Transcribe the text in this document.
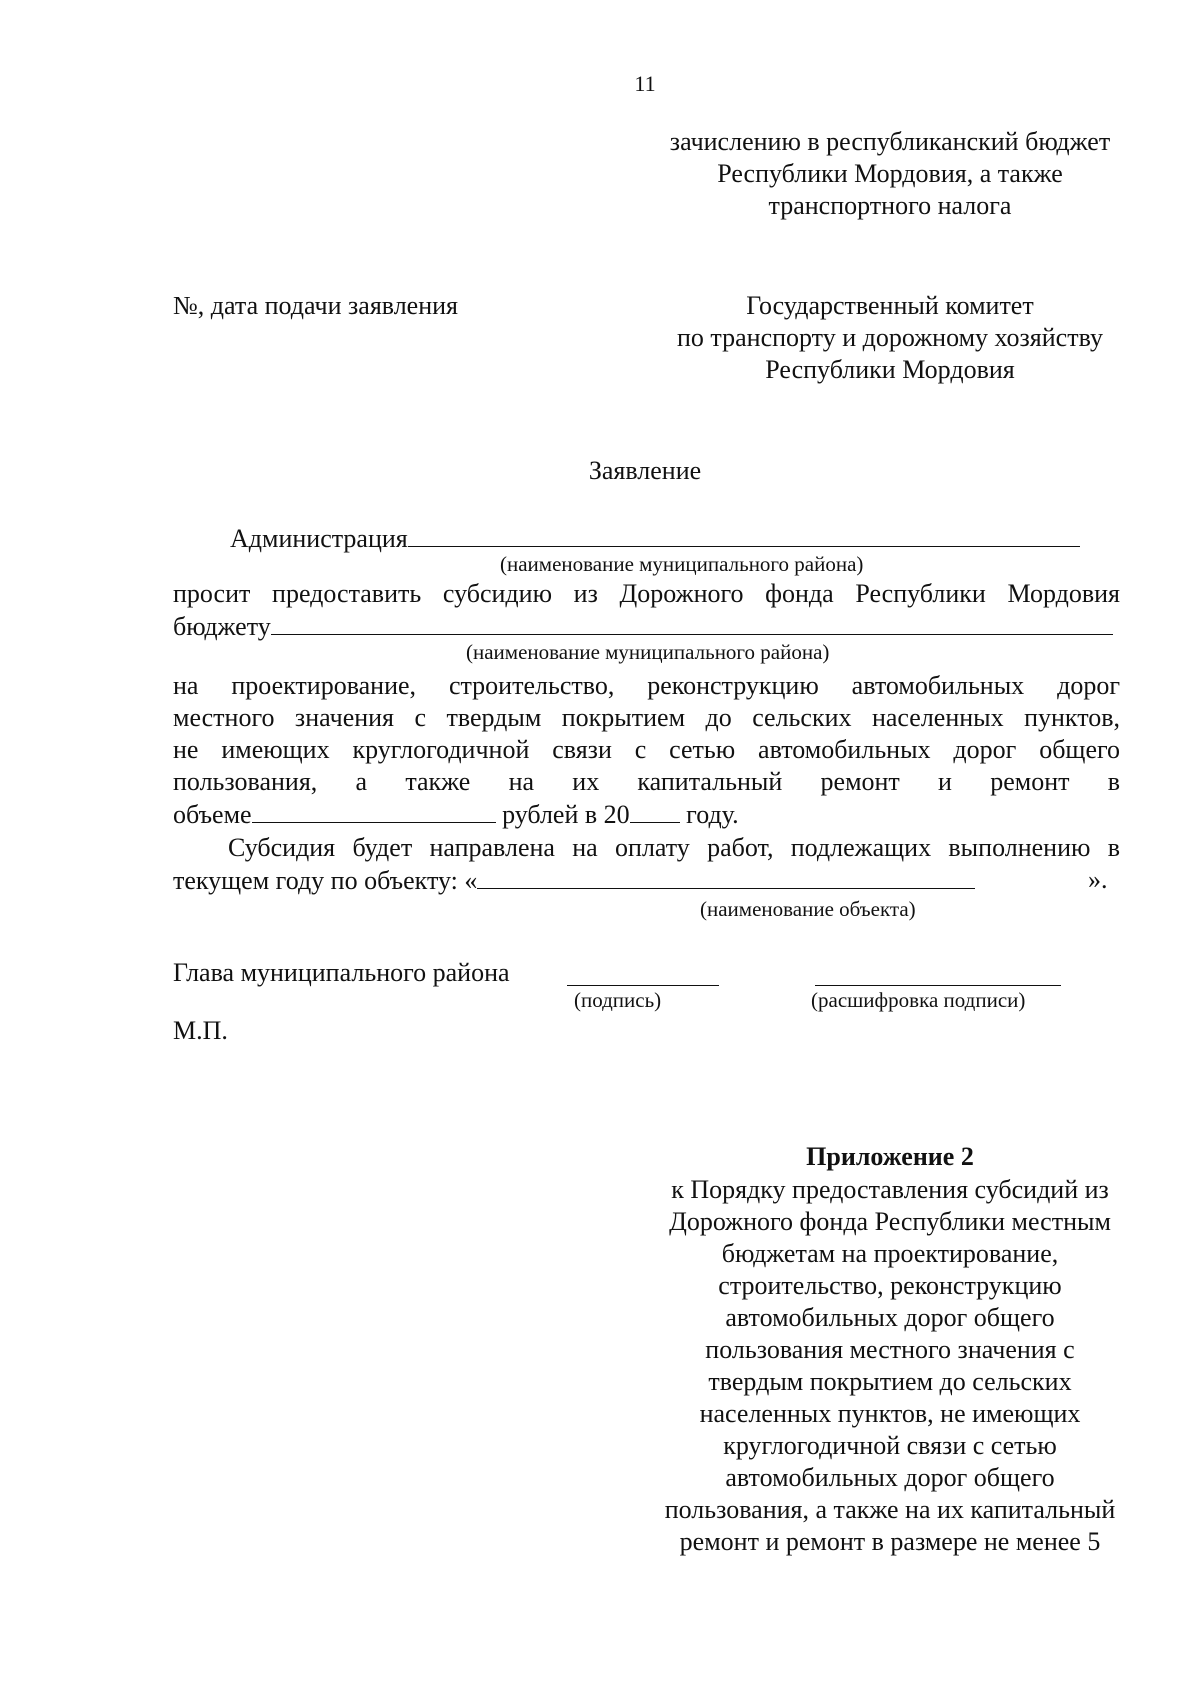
11
зачислению в республиканский бюджет
Республики Мордовия, а также
транспортного налога
№, дата подачи заявления	Государственный комитет
по транспорту и дорожному хозяйству
Республики Мордовия
Заявление
Администрация
(наименование муниципального района)
просит предоставить субсидию из Дорожного фонда Республики Мордовия
бюджету
(наименование муниципального района)
на проектирование, строительство, реконструкцию автомобильных дорог
местного значения с твердым покрытием до сельских населенных пунктов,
не имеющих круглогодичной связи с сетью автомобильных дорог общего
пользования, а также на их капитальный ремонт и ремонт в
объеме	рублей в 20 году.
Субсидия будет направлена на оплату работ, подлежащих выполнению в
текущем году по объекту: «	».
(наименование объекта)
Глава муниципального района
(подпись)	(расшифровка подписи)
М.П.
Приложение 2
к Порядку предоставления субсидий из
Дорожного фонда Республики местным
бюджетам на проектирование,
строительство, реконструкцию
автомобильных дорог общего
пользования местного значения с
твердым покрытием до сельских
населенных пунктов, не имеющих
круглогодичной связи с сетью
автомобильных дорог общего
пользования, а также на их капитальный
ремонт и ремонт в размере не менее 5
